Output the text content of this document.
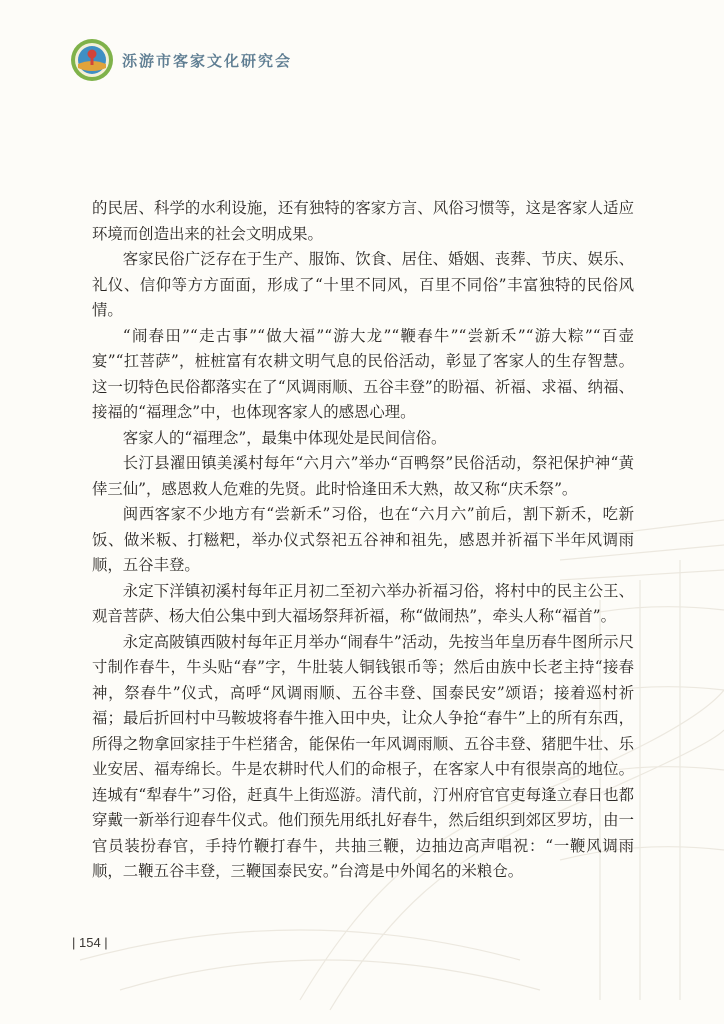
泺游市客家文化研究会

的民居、科学的水利设施，还有独特的客家方言、风俗习惯等，这是客家人适应环境而创造出来的社会文明成果。

客家民俗广泛存在于生产、服饰、饮食、居住、婚姻、丧葬、节庆、娱乐、礼仪、信仰等方方面面，形成了“十里不同风，百里不同俗”丰富独特的民俗风情。

“闹春田”“走古事”“做大福”“游大龙”“鞭春牛”“尝新禾”“游大粽”“百壶宴”“扛菩萨”，桩桩富有农耕文明气息的民俗活动，彰显了客家人的生存智慧。这一切特色民俗都落实在了“风调雨顺、五谷丰登”的盼福、祈福、求福、纳福、接福的“福理念”中，也体现客家人的感恩心理。

客家人的“福理念”，最集中体现处是民间信俗。

长汀县濯田镇美溪村每年“六月六”举办“百鸭祭”民俗活动，祭祀保护神“黄倖三仙”，感恩救人危难的先贤。此时恰逢田禾大熟，故又称“庆禾祭”。

闽西客家不少地方有“尝新禾”习俗，也在“六月六”前后，割下新禾，吃新饭、做米粄、打糍粑，举办仪式祭祀五谷神和祖先，感恩并祈福下半年风调雨顺，五谷丰登。

永定下洋镇初溪村每年正月初二至初六举办祈福习俗，将村中的民主公王、观音菩萨、杨大伯公集中到大福场祭拜祈福，称“做闹热”，牵头人称“福首”。

永定高陂镇西陂村每年正月举办“闹春牛”活动，先按当年皇历春牛图所示尺寸制作春牛，牛头贴“春”字，牛肚装人铜钱银币等；然后由族中长老主持“接春神，祭春牛”仪式，高呼“风调雨顺、五谷丰登、国泰民安”颂语；接着巡村祈福；最后折回村中马鞍坡将春牛推入田中央，让众人争抢“春牛”上的所有东西，所得之物拿回家挂于牛栏猪舍，能保佑一年风调雨顺、五谷丰登、猪肥牛壮、乐业安居、福寿绵长。牛是农耕时代人们的命根子，在客家人中有很崇高的地位。连城有“犁春牛”习俗，赶真牛上街巡游。清代前，汀州府官官吏每逢立春日也都穿戴一新举行迎春牛仪式。他们预先用纸扎好春牛，然后组织到郊区罗坊，由一官员装扮春官，手持竹鞭打春牛，共抽三鞭，边抽边高声唱祝：“一鞭风调雨顺，二鞭五谷丰登，三鞭国泰民安。”台湾是中外闻名的米粮仓。

| 154 |
